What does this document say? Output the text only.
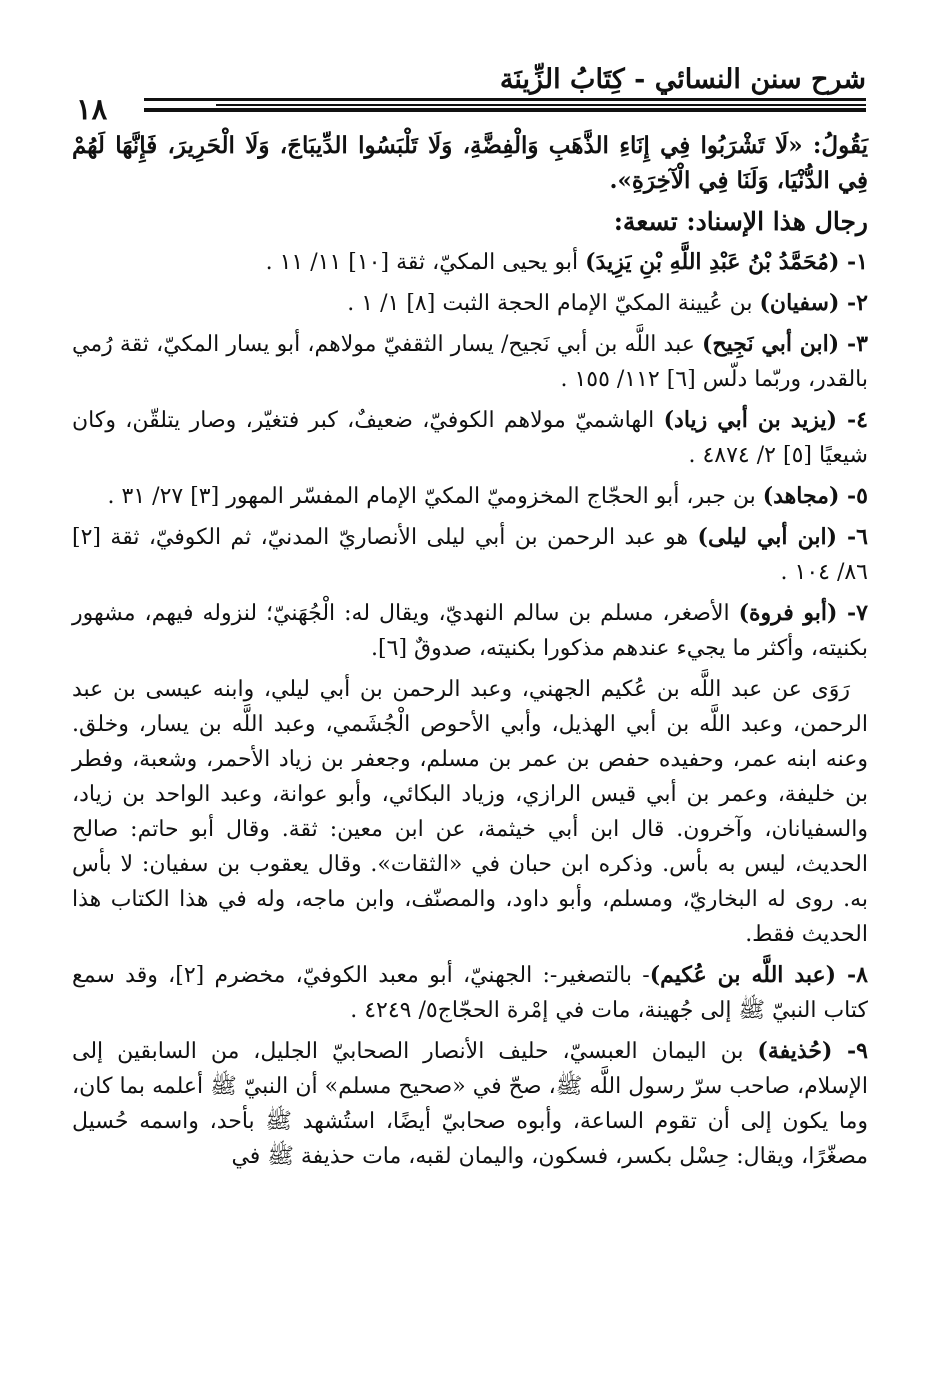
شرح سنن النسائي - كِتَابُ الزِّينَة
١٨

يَقُولُ: «لَا تَشْرَبُوا فِي إِنَاءِ الذَّهَبِ وَالْفِضَّةِ، وَلَا تَلْبَسُوا الدِّيبَاجَ، وَلَا الْحَرِيرَ، فَإِنَّهَا لَهُمْ فِي الدُّنْيَا، وَلَنَا فِي الْآخِرَةِ».

رجال هذا الإسناد: تسعة:

١- (مُحَمَّدُ بْنُ عَبْدِ اللَّهِ بْنِ يَزِيدَ) أبو يحيى المكيّ، ثقة [١٠] ١١/ ١١ .

٢- (سفيان) بن عُيينة المكيّ الإمام الحجة الثبت [٨] ١/ ١ .

٣- (ابن أبي نَجِيح) عبد اللَّه بن أبي نَجيح/ يسار الثقفيّ مولاهم، أبو يسار المكيّ، ثقة رُمي بالقدر، وربّما دلّس [٦] ١١٢/ ١٥٥ .

٤- (يزيد بن أبي زياد) الهاشميّ مولاهم الكوفيّ، ضعيفٌ، كبر فتغيّر، وصار يتلقّن، وكان شيعيًا [٥] ٢/ ٤٨٧٤ .

٥- (مجاهد) بن جبر، أبو الحجّاج المخزوميّ المكيّ الإمام المفسّر المهور [٣] ٢٧/ ٣١ .

٦- (ابن أبي ليلى) هو عبد الرحمن بن أبي ليلى الأنصاريّ المدنيّ، ثم الكوفيّ، ثقة [٢] ٨٦/ ١٠٤ .

٧- (أبو فروة) الأصغر، مسلم بن سالم النهديّ، ويقال له: الْجُهَنيّ؛ لنزوله فيهم، مشهور بكنيته، وأكثر ما يجيء عندهم مذكورا بكنيته، صدوقٌ [٦].

رَوَى عن عبد اللَّه بن عُكيم الجهني، وعبد الرحمن بن أبي ليلي، وابنه عيسى بن عبد الرحمن، وعبد اللَّه بن أبي الهذيل، وأبي الأحوص الْجُشَمي، وعبد اللَّه بن يسار، وخلق. وعنه ابنه عمر، وحفيده حفص بن عمر بن مسلم، وجعفر بن زياد الأحمر، وشعبة، وفطر بن خليفة، وعمر بن أبي قيس الرازي، وزياد البكائي، وأبو عوانة، وعبد الواحد بن زياد، والسفيانان، وآخرون. قال ابن أبي خيثمة، عن ابن معين: ثقة. وقال أبو حاتم: صالح الحديث، ليس به بأس. وذكره ابن حبان في «الثقات». وقال يعقوب بن سفيان: لا بأس به. روى له البخاريّ، ومسلم، وأبو داود، والمصنّف، وابن ماجه، وله في هذا الكتاب هذا الحديث فقط.

٨- (عبد اللَّه بن عُكيم)- بالتصغير-: الجهنيّ، أبو معبد الكوفيّ، مخضرم [٢]، وقد سمع كتاب النبيّ ﷺ إلى جُهينة، مات في إمْرة الحجّاج٥/ ٤٢٤٩ .

٩- (حُذيفة) بن اليمان العبسيّ، حليف الأنصار الصحابيّ الجليل، من السابقين إلى الإسلام، صاحب سرّ رسول اللَّه ﷺ، صحّ في «صحيح مسلم» أن النبيّ ﷺ أعلمه بما كان، وما يكون إلى أن تقوم الساعة، وأبوه صحابيّ أيضًا، استُشهد ﷺ بأحد، واسمه حُسيل مصغّرًا، ويقال: حِسْل بكسر، فسكون، واليمان لقبه، مات حذيفة ﷺ في
